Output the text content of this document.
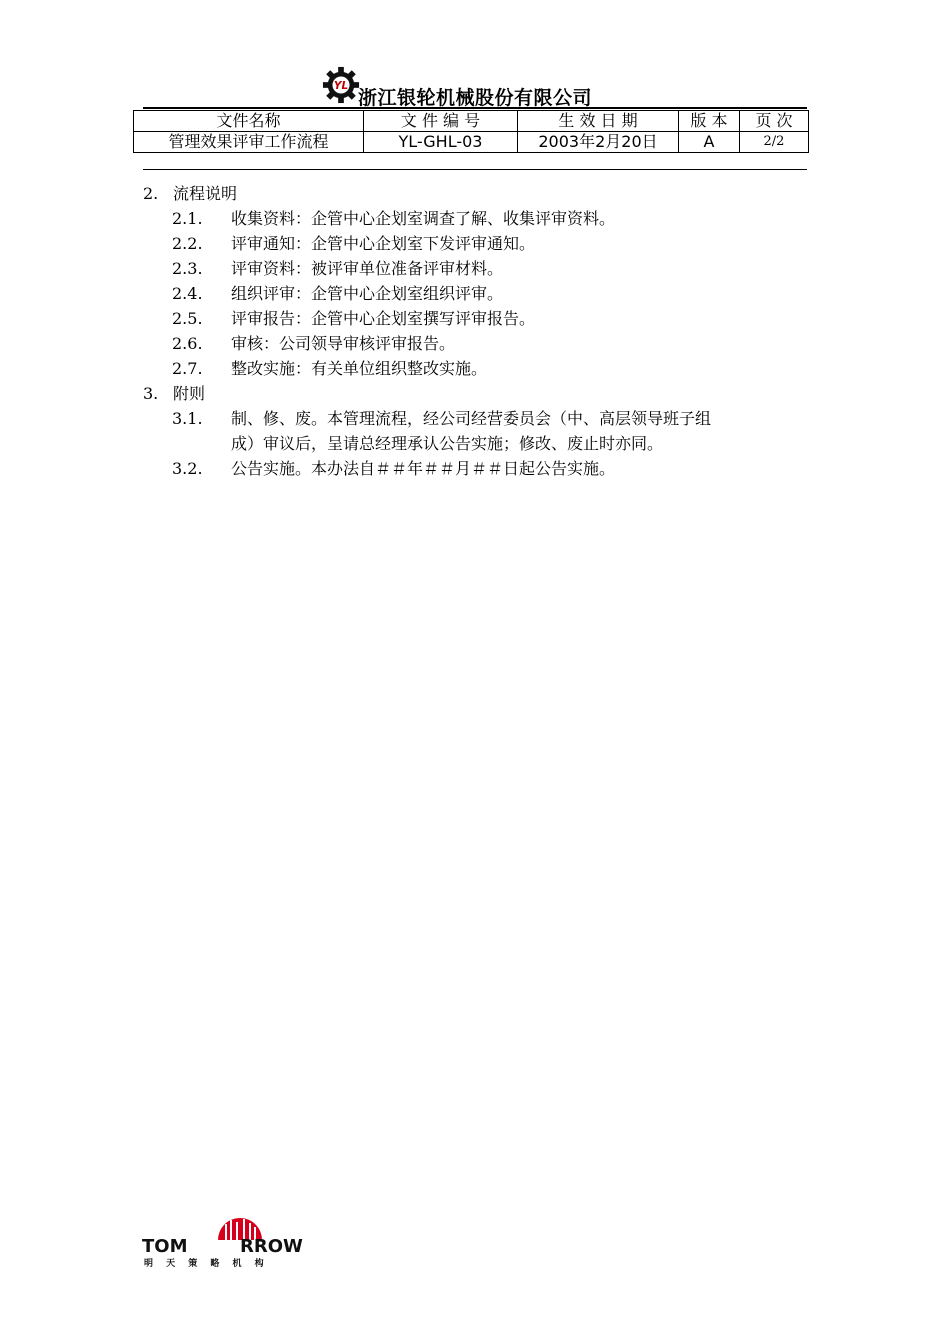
YL
浙江银轮机械股份有限公司
文件名称	文 件 编 号	生 效 日 期	版 本	页 次
管理效果评审工作流程	YL-GHL-03	2003年2月20日	A	2/2
2. 流程说明
2.1. 收集资料：企管中心企划室调查了解、收集评审资料。
2.2. 评审通知：企管中心企划室下发评审通知。
2.3. 评审资料：被评审单位准备评审材料。
2.4. 组织评审：企管中心企划室组织评审。
2.5. 评审报告：企管中心企划室撰写评审报告。
2.6. 审核：公司领导审核评审报告。
2.7. 整改实施：有关单位组织整改实施。
3. 附则
3.1. 制、修、废。本管理流程，经公司经营委员会（中、高层领导班子组
成）审议后，呈请总经理承认公告实施；修改、废止时亦同。
3.2. 公告实施。本办法自＃＃年＃＃月＃＃日起公告实施。
TOM	RROW
明 天 策 略 机 构
